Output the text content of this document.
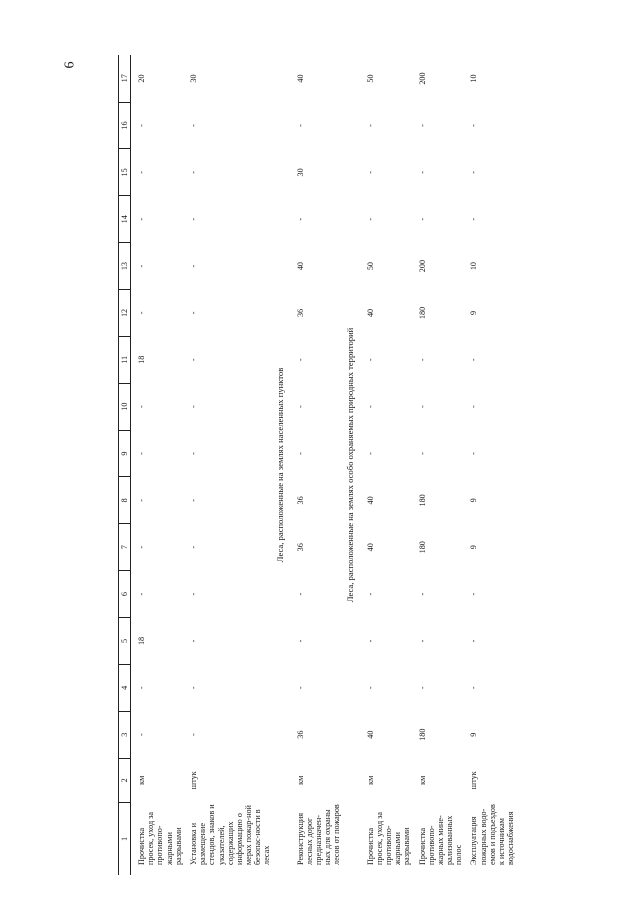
6
1	2	3	4	5	6	7	8	9	10	11	12	13	14	15	16	17
Прочистка просек, уход за противопо-жарными разрывами	км	-	-	18	-	-	-	-	-	18	-	-	-	-	-	20
Установка и размещение стендов, знаков и указателей, содержащих информацию о мерах пожар-ной безопас-ности в лесах	штук	-	-	-	-	-	-	-	-	-	-	-	-	-	-	30
Леса, расположенные на землях населенных пунктов																
Реконструкция лесных дорог предназначен-ных для охраны лесов от пожаров	км	36	-	-	-	36	36	-	-	-	36	40	-	30	-	40
Леса, расположенные на землях особо охраняемых природных территорий																
Прочистка просек, уход за противопо-жарными разрывами	км	40	-	-	-	40	40	-	-	-	40	50	-	-	-	50
Прочистка противопо-жарных мине-рализованных полос	км	180	-	-	-	180	180	-	-	-	180	200	-	-	-	200
Эксплуатация пожарных водо-емов и подъездов к источникам водоснабжения	штук	9	-	-	-	9	9	-	-	-	9	10	-	-	-	10
